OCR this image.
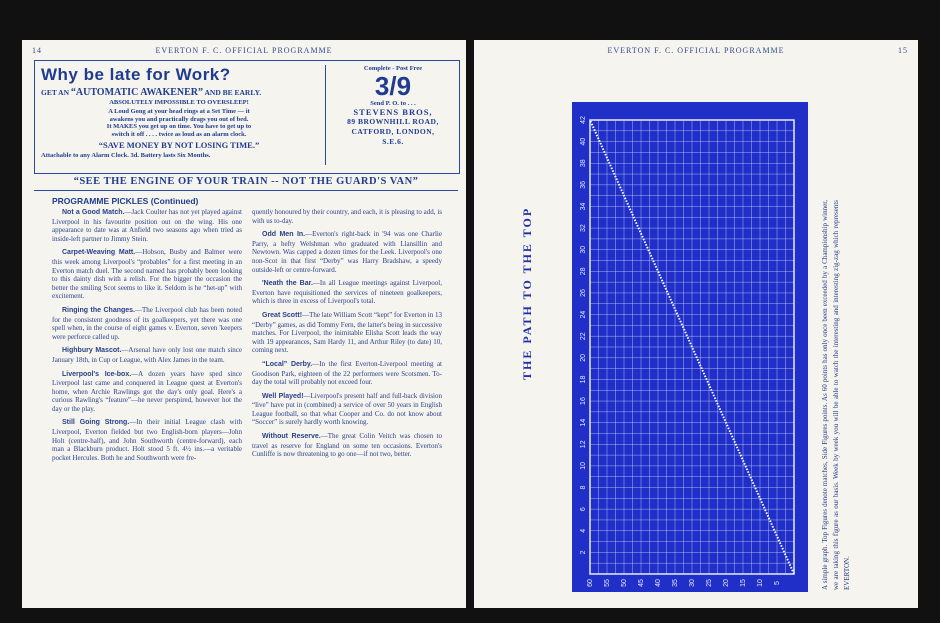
14	EVERTON F. C. OFFICIAL PROGRAMME
Why be late for Work?
GET AN “AUTOMATIC AWAKENER” AND BE EARLY.
ABSOLUTELY IMPOSSIBLE TO OVERSLEEP!
A Loud Gong at your head rings at a Set Time — it
awakens you and practically drags you out of bed.
It MAKES you get up on time. You have to get up to
switch it off . . . . twice as loud as an alarm clock.
“SAVE MONEY BY NOT LOSING TIME.”
Attachable to any Alarm Clock. 3d. Battery lasts Six Months.
Complete - Post Free
3/9
Send P. O. to . . .
STEVENS BROS,
89 BROWNHILL ROAD,
CATFORD, LONDON,
S.E.6.
“SEE THE ENGINE OF YOUR TRAIN -- NOT THE GUARD'S VAN”
PROGRAMME PICKLES (Continued)

Not a Good Match.—Jack Coulter has not yet played against Liverpool in his favourite position out on the wing. His one appearance to date was at Anfield two seasons ago when tried as inside-left partner to Jimmy Stein.

Carpet-Weaving Matt.—Hobson, Busby and Balmer were this week among Liverpool's “probables” for a first meeting in an Everton match duel. The second named has probably been looking to this dainty dish with a relish. For the bigger the occasion the better the smiling Scot seems to like it. Seldom is he “het-up” with excitement.

Ringing the Changes.—The Liverpool club has been noted for the consistent goodness of its goalkeepers, yet there was one spell when, in the course of eight games v. Everton, seven 'keepers were perforce called up.

Highbury Mascot.—Arsenal have only lost one match since January 18th, in Cup or League, with Alex James in the team.

Liverpool's Ice-box.—A dozen years have sped since Liverpool last came and conquered in League quest at Everton's home, when Archie Rawlings got the day's only goal. Here's a curious Rawling's “feature”—he never perspired, however hot the day or the play.

Still Going Strong.—In their initial League clash with Liverpool, Everton fielded but two English-born players—John Holt (centre-half), and John Southworth (centre-forward), each man a Blackburn product. Holt stood 5 ft. 4½ ins.—a veritable pocket Hercules. Both he and Southworth were fre-

quently honoured by their country, and each, it is pleasing to add, is with us to-day.

Odd Men In.—Everton's right-back in '94 was one Charlie Parry, a hefty Welshman who graduated with Llansillin and Newtown. Was capped a dozen times for the Leek. Liverpool's one non-Scot in that first “Derby” was Harry Bradshaw, a speedy outside-left or centre-forward.

'Neath the Bar.—In all League meetings against Liverpool, Everton have requisitioned the services of nineteen goalkeepers, which is three in excess of Liverpool's total.

Great Scott!—The late William Scott “kept” for Everton in 13 “Derby” games, as did Tommy Fern, the latter's being in successive matches. For Liverpool, the inimitable Elisha Scott leads the way with 19 appearances, Sam Hardy 11, and Arthur Riley (to date) 10, coming next.

“Local” Derby.—In the first Everton-Liverpool meeting at Goodison Park, eighteen of the 22 performers were Scotsmen. To-day the total will probably not exceed four.

Well Played!—Liverpool's present half and full-back division “live” have put in (combined) a service of over 50 years in English League football, so that what Cooper and Co. do not know about “Soccer” is surely hardly worth knowing.

Without Reserve.—The great Colin Veitch was chosen to travel as reserve for England on some ten occasions. Everton's Cunliffe is now threatening to go one—if not two, better.

EVERTON F. C. OFFICIAL PROGRAMME	15
THE PATH TO THE TOP
2
4
6
8
10
12
14
16
18
20
22
24
26
28
30
32
34
36
38
40
42
60 55 50 45 40 35 30 25 20 15 10 5	A simple graph. Top Figures denote matches, Side Figures points. As 60 points has only once been exceeded by a Championship winner, we are taking this figure as our basis. Week by week you will be able to watch the interesting and interesting zig-zag which represents EVERTON.
